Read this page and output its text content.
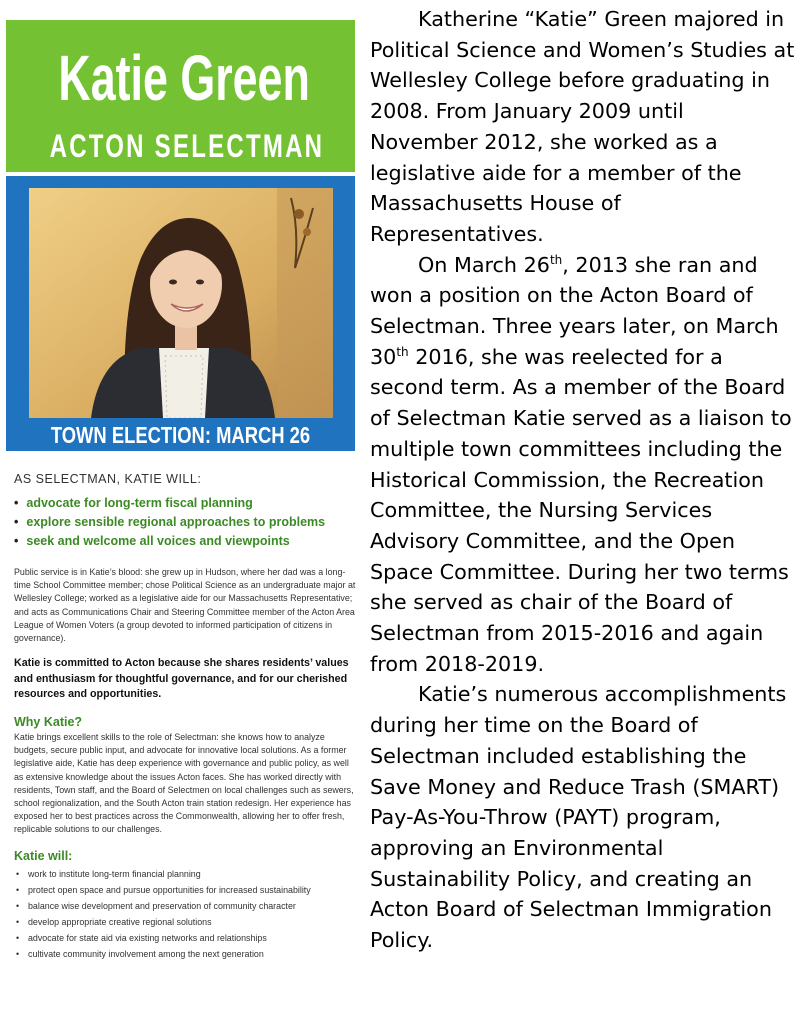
Katie Green
ACTON SELECTMAN
TOWN ELECTION: MARCH 26
AS SELECTMAN, KATIE WILL:
• advocate for long-term fiscal planning
• explore sensible regional approaches to problems
• seek and welcome all voices and viewpoints

Public service is in Katie’s blood: she grew up in Hudson, where her dad was a long-time School Committee member; chose Political Science as an undergraduate major at Wellesley College; worked as a legislative aide for our Massachusetts Representative; and acts as Communications Chair and Steering Committee member of the Acton Area League of Women Voters (a group devoted to informed participation of citizens in governance).

Katie is committed to Acton because she shares residents’ values and enthusiasm for thoughtful governance, and for our cherished resources and opportunities.

Why Katie?

Katie brings excellent skills to the role of Selectman: she knows how to analyze budgets, secure public input, and advocate for innovative local solutions. As a former legislative aide, Katie has deep experience with governance and public policy, as well as extensive knowledge about the issues Acton faces. She has worked directly with residents, Town staff, and the Board of Selectmen on local challenges such as sewers, school regionalization, and the South Acton train station redesign. Her experience has exposed her to best practices across the Commonwealth, allowing her to offer fresh, replicable solutions to our challenges.

Katie will:
• work to institute long-term financial planning
• protect open space and pursue opportunities for increased sustainability
• balance wise development and preservation of community character
• develop appropriate creative regional solutions
• advocate for state aid via existing networks and relationships
• cultivate community involvement among the next generation

Katherine “Katie” Green majored in Political Science and Women’s Studies at Wellesley College before graduating in 2008. From January 2009 until November 2012, she worked as a legislative aide for a member of the Massachusetts House of Representatives.

On March 26th, 2013 she ran and won a position on the Acton Board of Selectman. Three years later, on March 30th 2016, she was reelected for a second term. As a member of the Board of Selectman Katie served as a liaison to multiple town committees including the Historical Commission, the Recreation Committee, the Nursing Services Advisory Committee, and the Open Space Committee. During her two terms she served as chair of the Board of Selectman from 2015-2016 and again from 2018-2019.

Katie’s numerous accomplishments during her time on the Board of Selectman included establishing the Save Money and Reduce Trash (SMART) Pay-As-You-Throw (PAYT) program, approving an Environmental Sustainability Policy, and creating an Acton Board of Selectman Immigration Policy.
